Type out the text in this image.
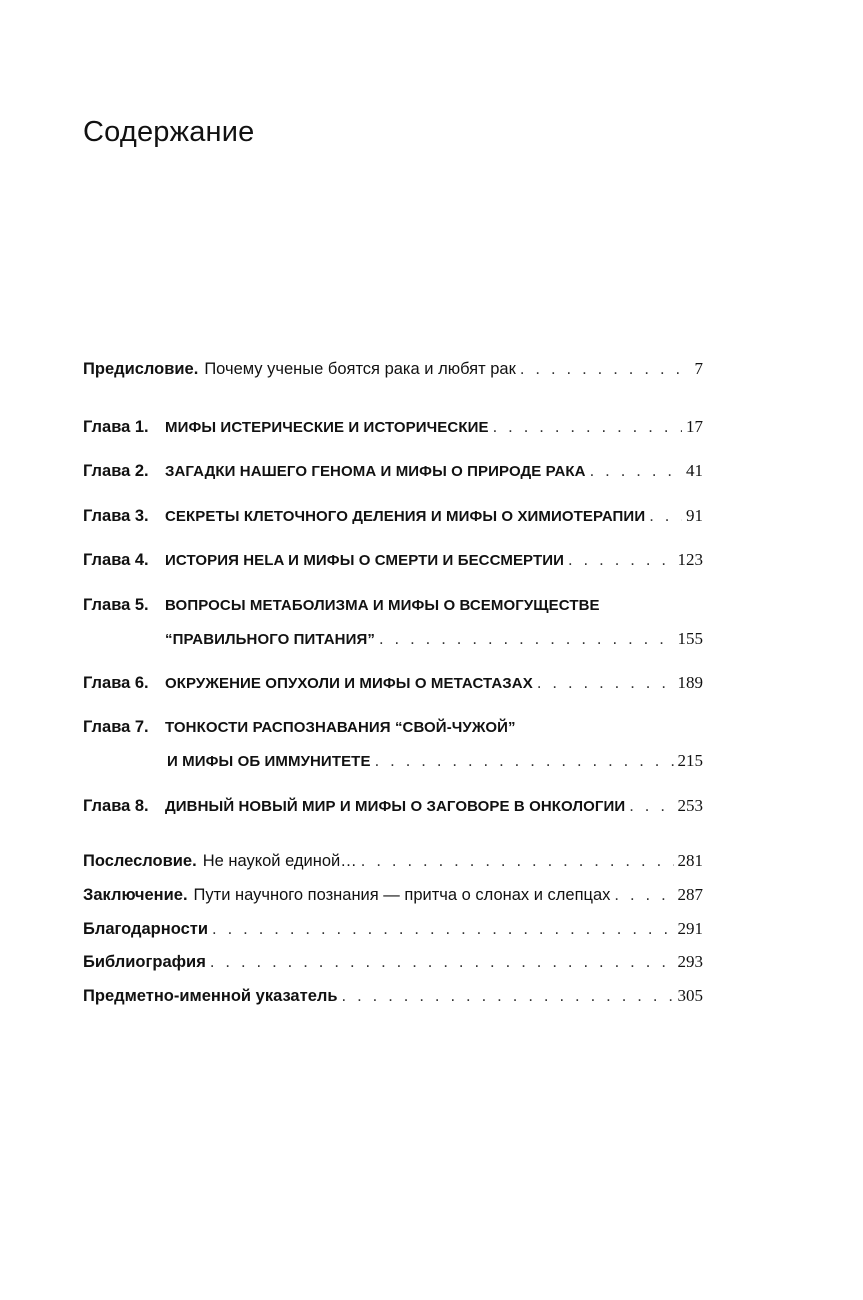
Содержание
Предисловие. Почему ученые боятся рака и любят рак . . .	7
Глава 1.	МИФЫ ИСТЕРИЧЕСКИЕ И ИСТОРИЧЕСКИЕ . . .	17
Глава 2.	ЗАГАДКИ НАШЕГО ГЕНОМА И МИФЫ О ПРИРОДЕ РАКА . . .	41
Глава 3.	СЕКРЕТЫ КЛЕТОЧНОГО ДЕЛЕНИЯ И МИФЫ О ХИМИОТЕРАПИИ . . . 91
Глава 4.	ИСТОРИЯ HELA И МИФЫ О СМЕРТИ И БЕССМЕРТИИ . . .	123
Глава 5.	ВОПРОСЫ МЕТАБОЛИЗМА И МИФЫ О ВСЕМОГУЩЕСТВЕ
“ПРАВИЛЬНОГО ПИТАНИЯ” . . .	155
Глава 6.	ОКРУЖЕНИЕ ОПУХОЛИ И МИФЫ О МЕТАСТАЗАХ . . .	189
Глава 7.	ТОНКОСТИ РАСПОЗНАВАНИЯ “СВОЙ-ЧУЖОЙ”
И МИФЫ ОБ ИММУНИТЕТЕ . . .	215
Глава 8.	ДИВНЫЙ НОВЫЙ МИР И МИФЫ О ЗАГОВОРЕ В ОНКОЛОГИИ . . .	253
Послесловие. Не наукой единой… . . .	281
Заключение. Пути научного познания — притча о слонах и слепцах . . .	287
Благодарности . . .	291
Библиография . . .	293
Предметно-именной указатель . . .	305
